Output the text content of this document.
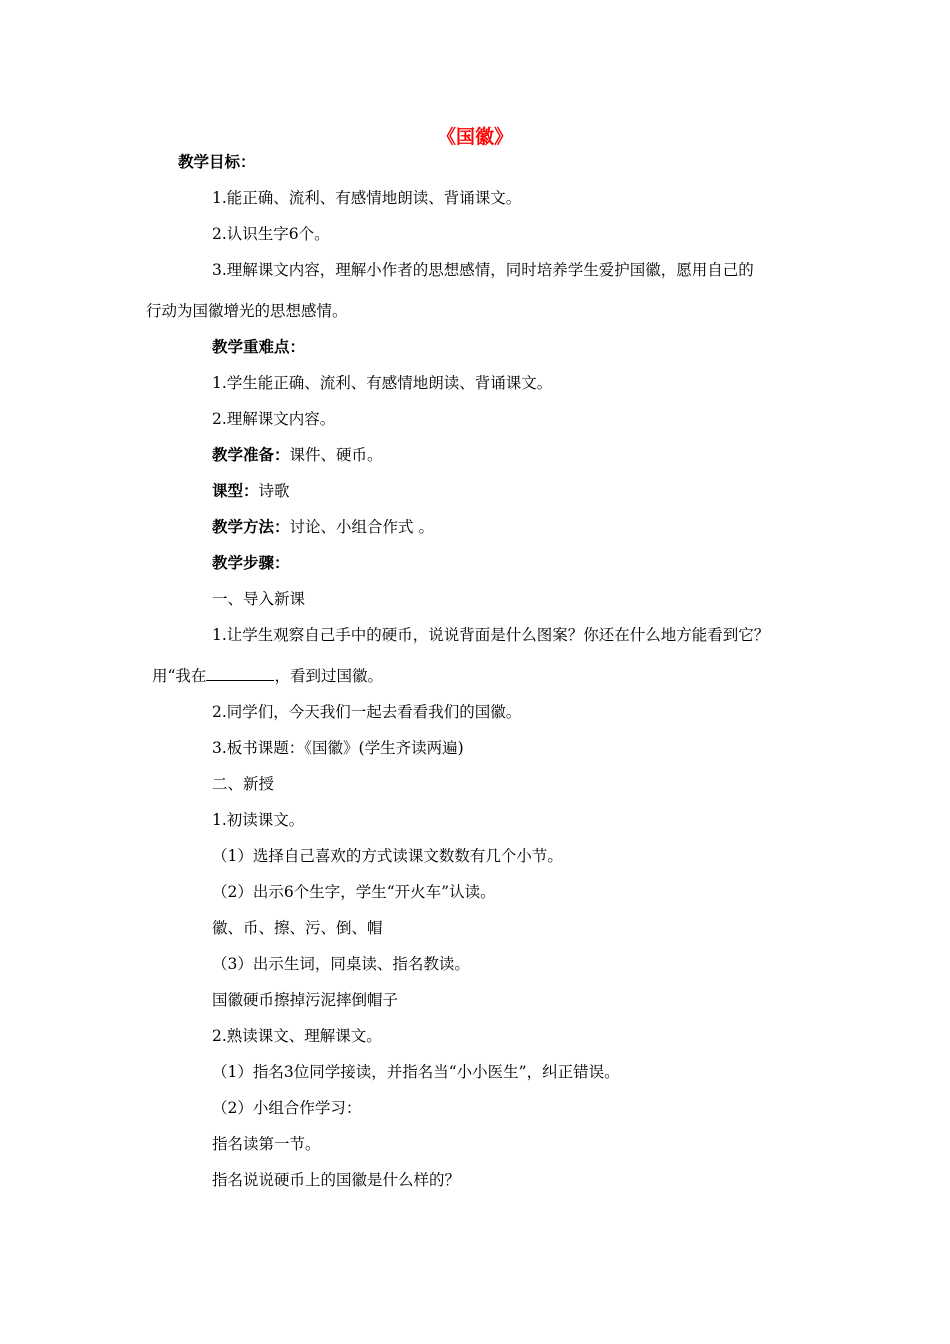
《国徽》
教学目标：
1.能正确、流利、有感情地朗读、背诵课文。
2.认识生字6个。
3.理解课文内容，理解小作者的思想感情，同时培养学生爱护国徽，愿用自己的
行动为国徽增光的思想感情。
教学重难点：
1.学生能正确、流利、有感情地朗读、背诵课文。
2.理解课文内容。
教学准备：课件、硬币。
课型：诗歌
教学方法：讨论、小组合作式 。
教学步骤：
一、导入新课
1.让学生观察自己手中的硬币，说说背面是什么图案？你还在什么地方能看到它？
用“我在	，看到过国徽。
2.同学们，今天我们一起去看看我们的国徽。
3.板书课题：《国徽》(学生齐读两遍)
二、新授
1.初读课文。
（1）选择自己喜欢的方式读课文数数有几个小节。
（2）出示6个生字，学生“开火车”认读。
徽、币、擦、污、倒、帽
（3）出示生词，同桌读、指名教读。
国徽硬币擦掉污泥摔倒帽子
2.熟读课文、理解课文。
（1）指名3位同学接读，并指名当“小小医生”，纠正错误。
（2）小组合作学习：
指名读第一节。
指名说说硬币上的国徽是什么样的？
